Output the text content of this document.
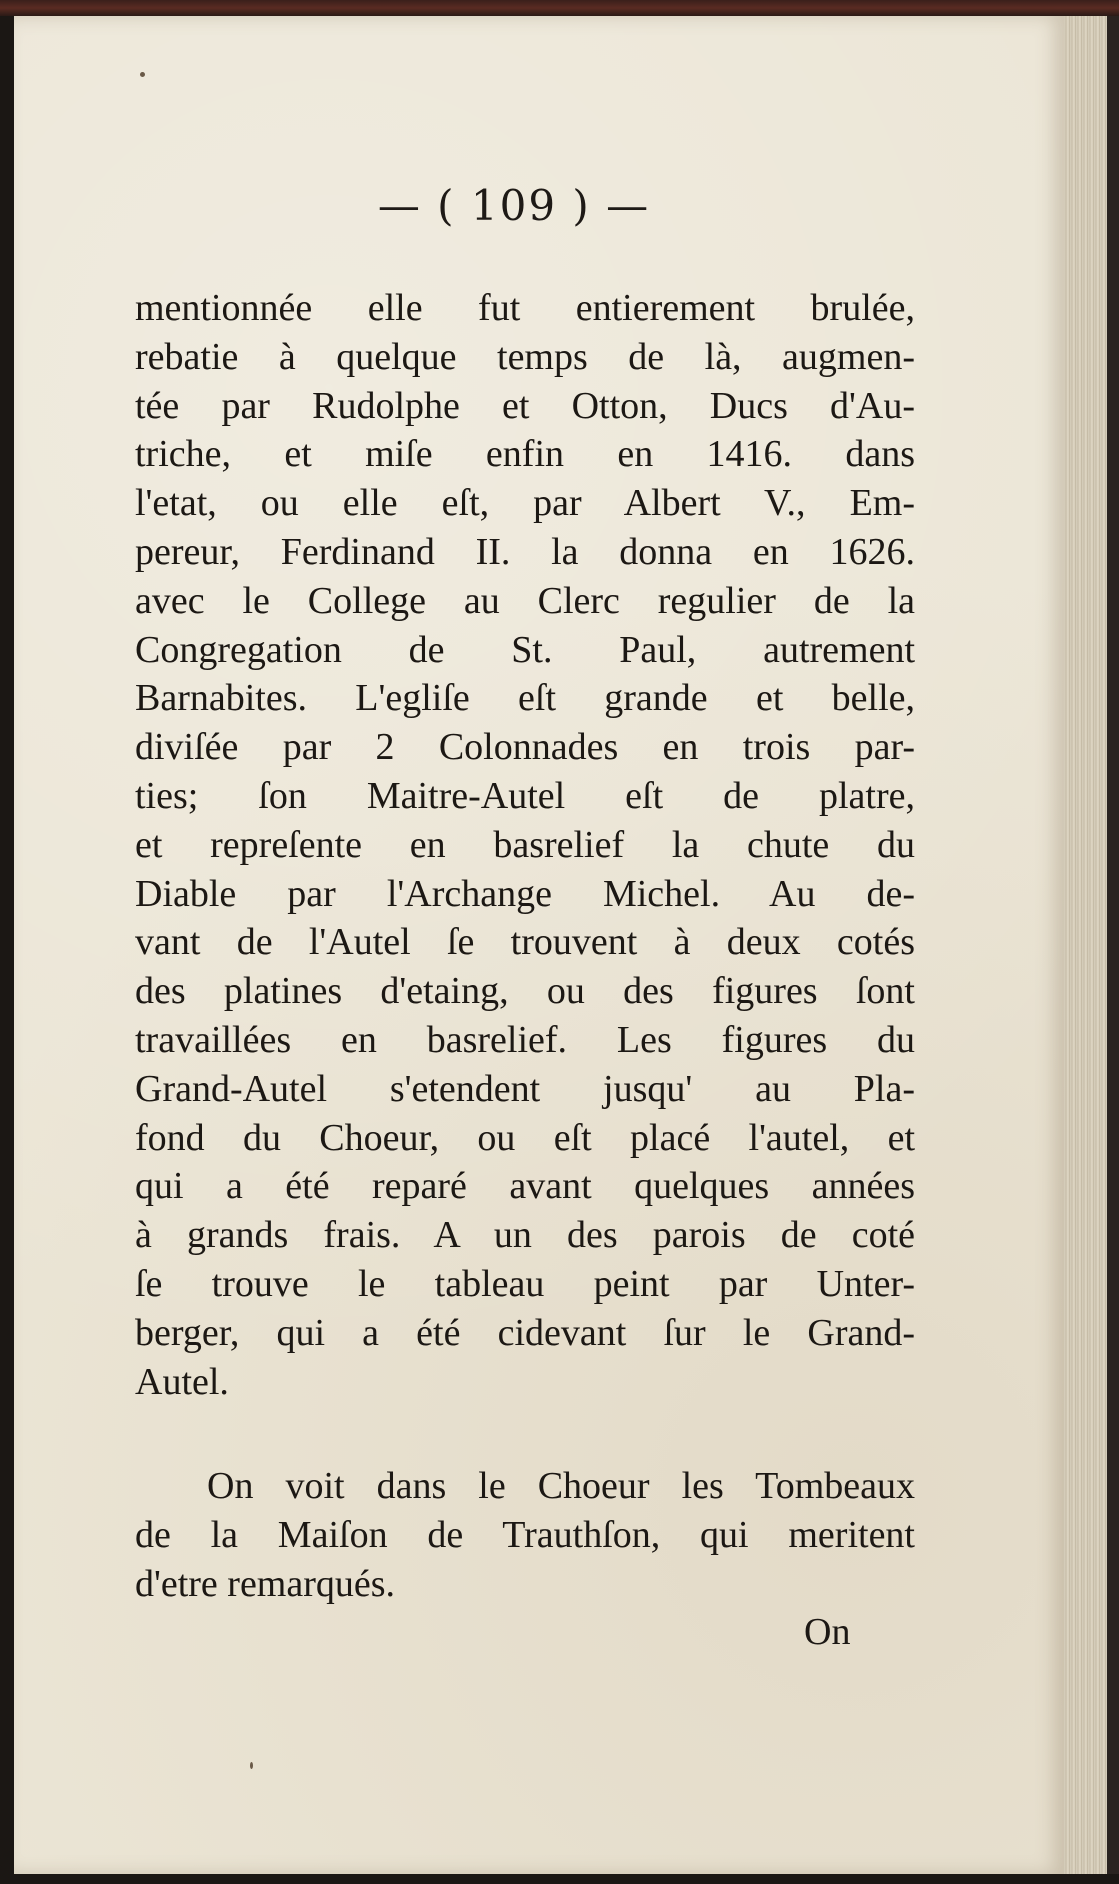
— ( 109 ) —
mentionnée elle fut entierement brulée,
rebatie à quelque temps de là, augmen-
tée par Rudolphe et Otton, Ducs d'Au-
triche, et miſe enfin en 1416. dans
l'etat, ou elle eſt, par Albert V., Em-
pereur, Ferdinand II. la donna en 1626.
avec le College au Clerc regulier de la
Congregation de St. Paul, autrement
Barnabites. L'egliſe eſt grande et belle,
diviſée par 2 Colonnades en trois par-
ties; ſon Maitre-Autel eſt de platre,
et repreſente en basrelief la chute du
Diable par l'Archange Michel. Au de-
vant de l'Autel ſe trouvent à deux cotés
des platines d'etaing, ou des figures ſont
travaillées en basrelief. Les figures du
Grand-Autel s'etendent jusqu' au Pla-
fond du Choeur, ou eſt placé l'autel, et
qui a été reparé avant quelques années
à grands frais. A un des parois de coté
ſe trouve le tableau peint par Unter-
berger, qui a été cidevant ſur le Grand-
Autel.
On voit dans le Choeur les Tombeaux
de la Maiſon de Trauthſon, qui meritent
d'etre remarqués.
On
